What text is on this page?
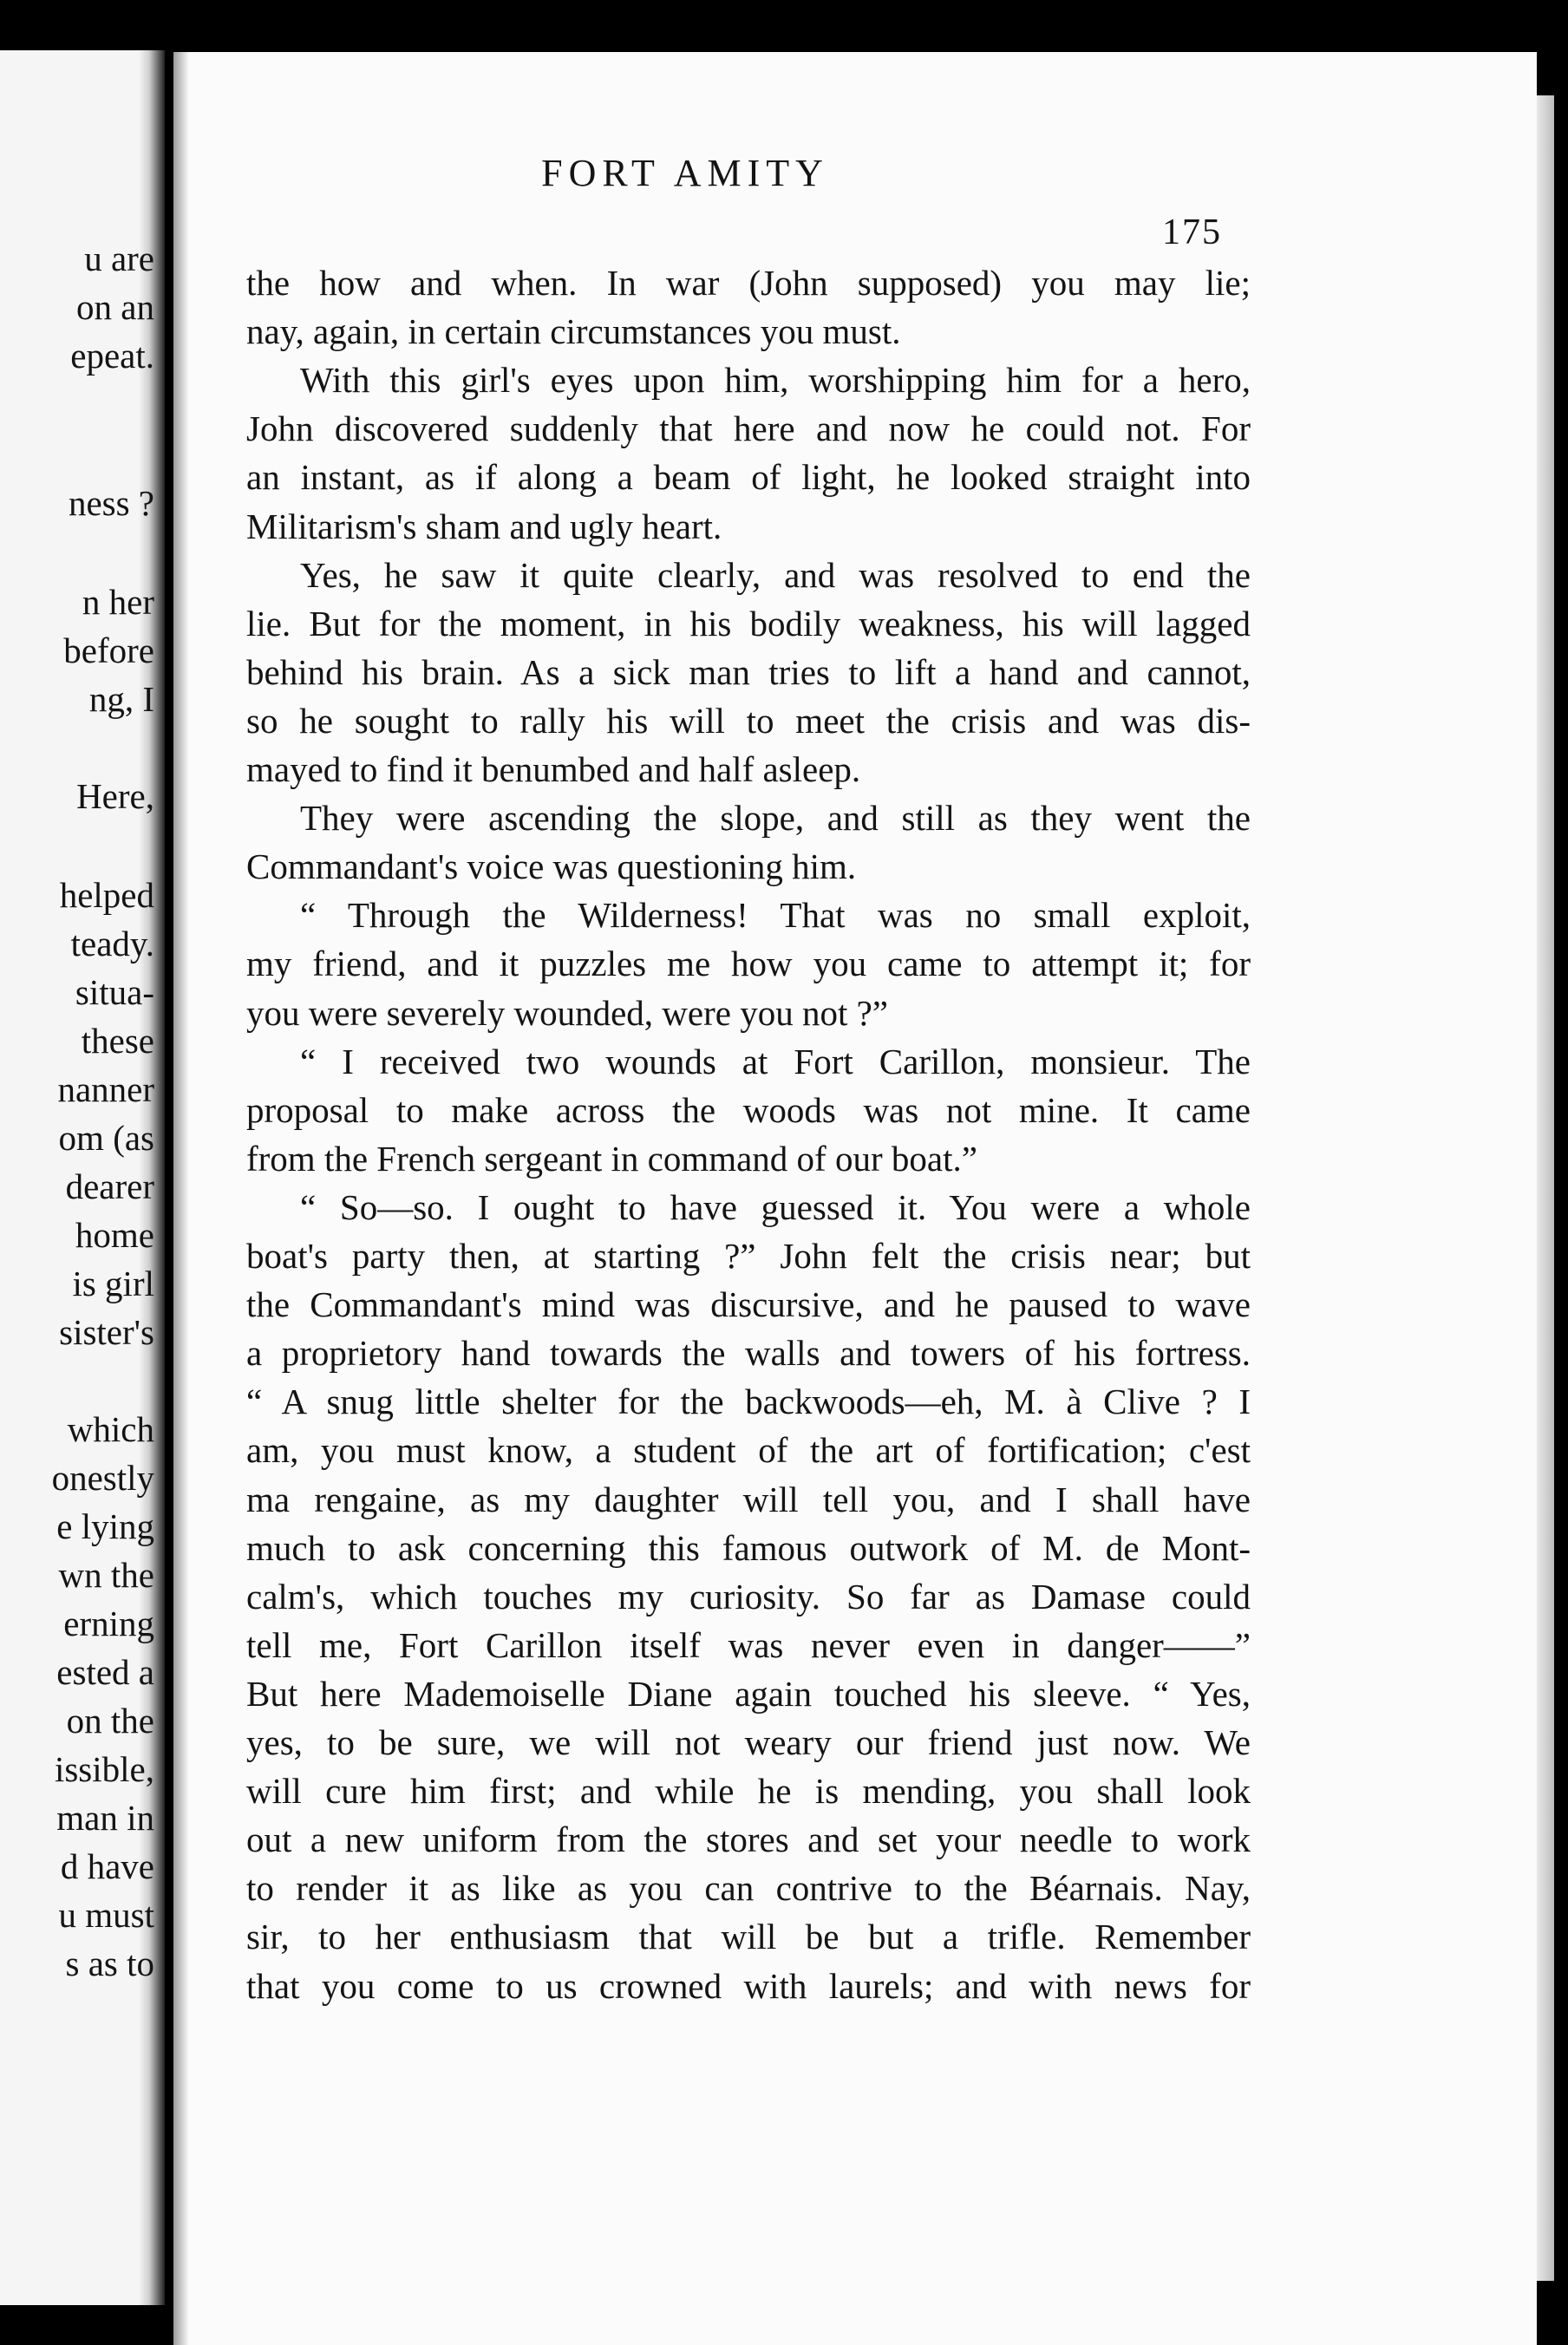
FORT AMITY
175
u are
on an
epeat.
ness ?
n her
before
ng, I
Here,
helped
teady.
situa-
these
nanner
om (as
dearer
home
is girl
sister's
which
onestly
e lying
wn the
erning
ested a
on the
issible,
man in
d have
u must
s as to
the how and when. In war (John supposed) you may lie;
nay, again, in certain circumstances you must.
With this girl's eyes upon him, worshipping him for a hero,
John discovered suddenly that here and now he could not. For
an instant, as if along a beam of light, he looked straight into
Militarism's sham and ugly heart.
Yes, he saw it quite clearly, and was resolved to end the
lie. But for the moment, in his bodily weakness, his will lagged
behind his brain. As a sick man tries to lift a hand and cannot,
so he sought to rally his will to meet the crisis and was dis-
mayed to find it benumbed and half asleep.
They were ascending the slope, and still as they went the
Commandant's voice was questioning him.
“ Through the Wilderness! That was no small exploit,
my friend, and it puzzles me how you came to attempt it; for
you were severely wounded, were you not ?”
“ I received two wounds at Fort Carillon, monsieur. The
proposal to make across the woods was not mine. It came
from the French sergeant in command of our boat.”
“ So—so. I ought to have guessed it. You were a whole
boat's party then, at starting ?” John felt the crisis near; but
the Commandant's mind was discursive, and he paused to wave
a proprietory hand towards the walls and towers of his fortress.
“ A snug little shelter for the backwoods—eh, M. à Clive ? I
am, you must know, a student of the art of fortification; c'est
ma rengaine, as my daughter will tell you, and I shall have
much to ask concerning this famous outwork of M. de Mont-
calm's, which touches my curiosity. So far as Damase could
tell me, Fort Carillon itself was never even in danger——”
But here Mademoiselle Diane again touched his sleeve. “ Yes,
yes, to be sure, we will not weary our friend just now. We
will cure him first; and while he is mending, you shall look
out a new uniform from the stores and set your needle to work
to render it as like as you can contrive to the Béarnais. Nay,
sir, to her enthusiasm that will be but a trifle. Remember
that you come to us crowned with laurels; and with news for
